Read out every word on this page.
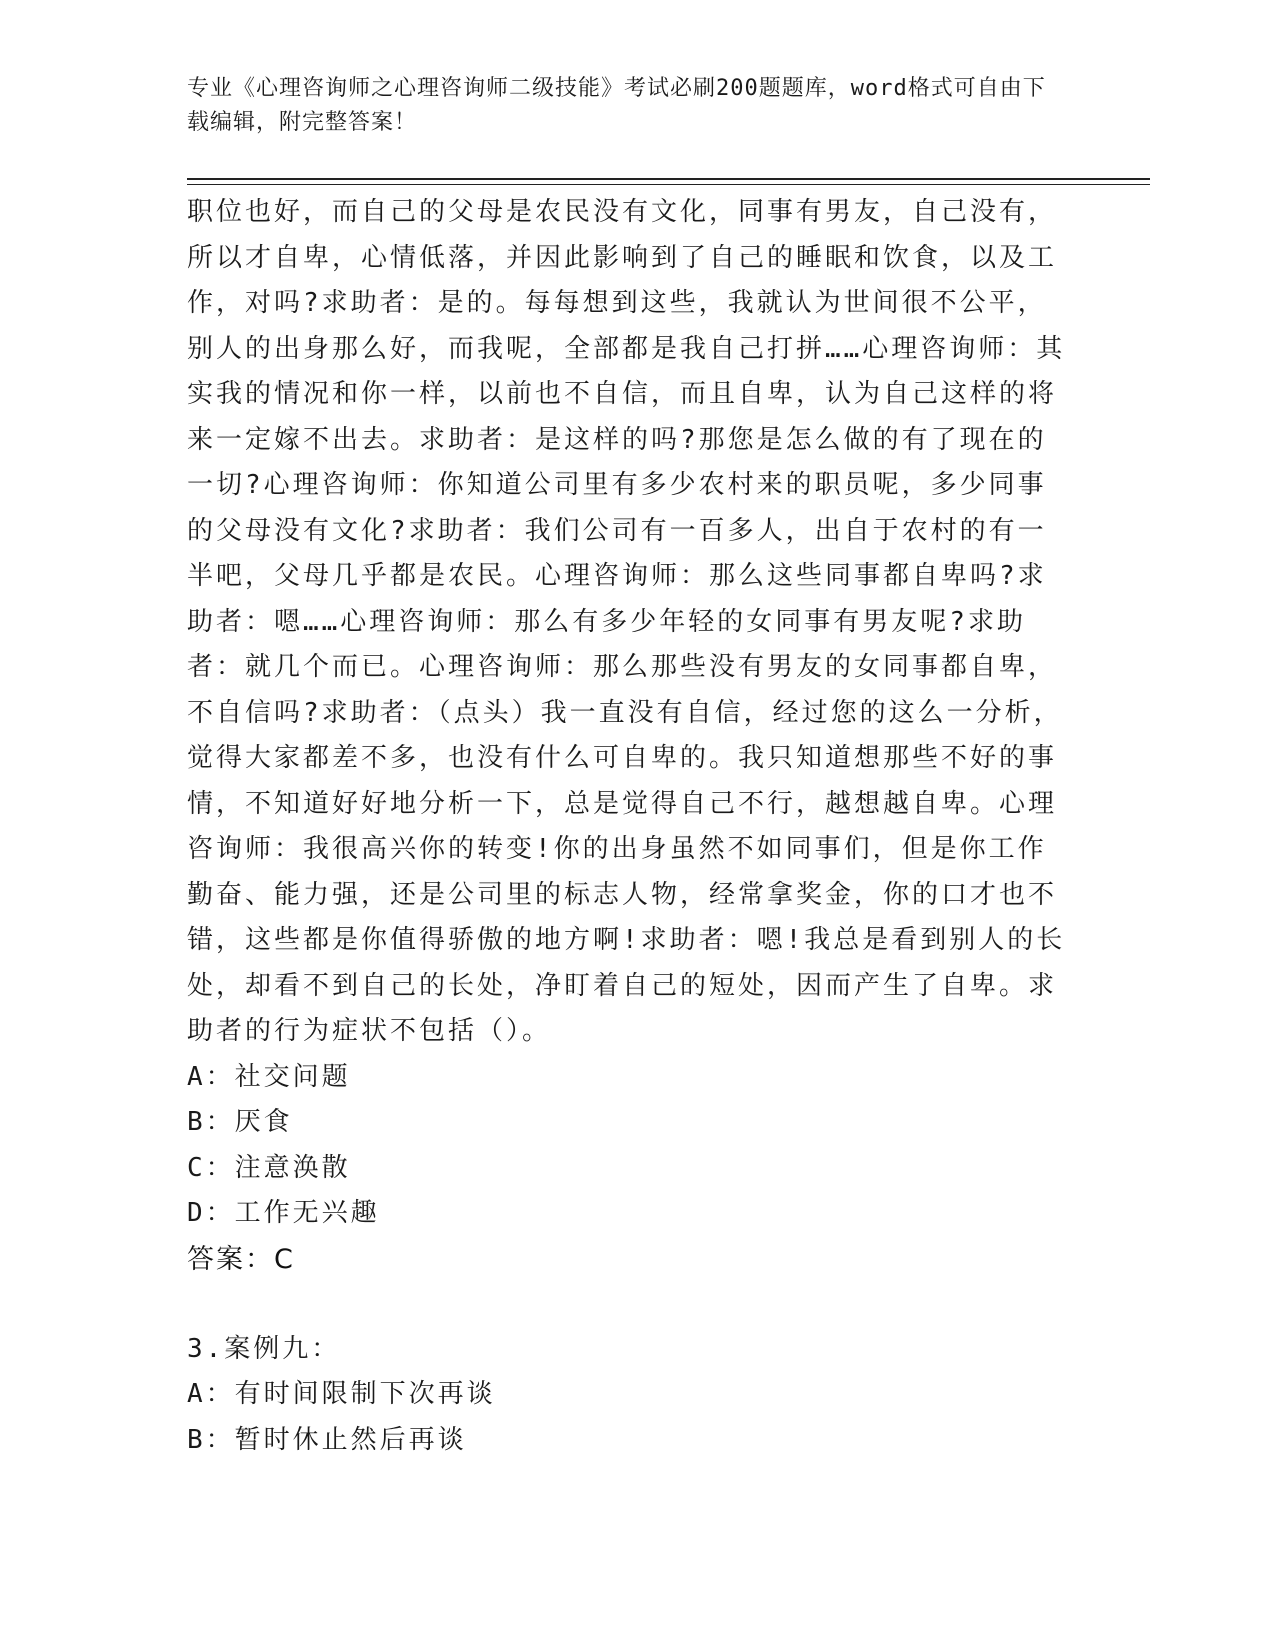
专业《心理咨询师之心理咨询师二级技能》考试必刷200题题库，word格式可自由下载编辑，附完整答案！

职位也好，而自己的父母是农民没有文化，同事有男友，自己没有，所以才自卑，心情低落，并因此影响到了自己的睡眠和饮食，以及工作，对吗?求助者：是的。每每想到这些，我就认为世间很不公平，别人的出身那么好，而我呢，全部都是我自己打拼……心理咨询师：其实我的情况和你一样，以前也不自信，而且自卑，认为自己这样的将来一定嫁不出去。求助者：是这样的吗?那您是怎么做的有了现在的一切?心理咨询师：你知道公司里有多少农村来的职员呢，多少同事的父母没有文化?求助者：我们公司有一百多人，出自于农村的有一半吧，父母几乎都是农民。心理咨询师：那么这些同事都自卑吗?求助者：嗯……心理咨询师：那么有多少年轻的女同事有男友呢?求助者：就几个而已。心理咨询师：那么那些没有男友的女同事都自卑，不自信吗?求助者：（点头）我一直没有自信，经过您的这么一分析，觉得大家都差不多，也没有什么可自卑的。我只知道想那些不好的事情，不知道好好地分析一下，总是觉得自己不行，越想越自卑。心理咨询师：我很高兴你的转变!你的出身虽然不如同事们，但是你工作勤奋、能力强，还是公司里的标志人物，经常拿奖金，你的口才也不错，这些都是你值得骄傲的地方啊!求助者：嗯!我总是看到别人的长处，却看不到自己的长处，净盯着自己的短处，因而产生了自卑。求助者的行为症状不包括（）。

A：社交问题

B：厌食

C：注意涣散

D：工作无兴趣

答案：C

3.案例九：

A：有时间限制下次再谈

B：暂时休止然后再谈
